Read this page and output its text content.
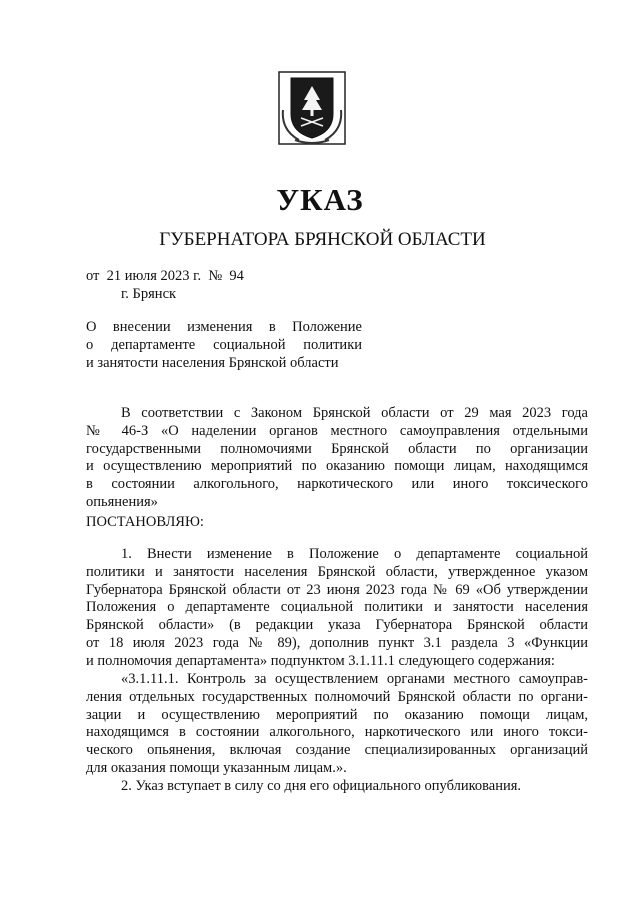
УКАЗ
ГУБЕРНАТОРА БРЯНСКОЙ ОБЛАСТИ
от  21 июля 2023 г.  №  94
г. Брянск
О внесении изменения в Положение
о департаменте социальной политики
и занятости населения Брянской области
В соответствии с Законом Брянской области от 29 мая 2023 года
№ 46-З «О наделении органов местного самоуправления отдельными
государственными полномочиями Брянской области по организации
и осуществлению мероприятий по оказанию помощи лицам, находящимся
в состоянии алкогольного, наркотического или иного токсического
опьянения»
ПОСТАНОВЛЯЮ:
1. Внести изменение в Положение о департаменте социальной
политики и занятости населения Брянской области, утвержденное указом
Губернатора Брянской области от 23 июня 2023 года № 69 «Об утверждении
Положения о департаменте социальной политики и занятости населения
Брянской области» (в редакции указа Губернатора Брянской области
от 18 июля 2023 года № 89), дополнив пункт 3.1 раздела 3 «Функции
и полномочия департамента» подпунктом 3.1.11.1 следующего содержания:
«3.1.11.1. Контроль за осуществлением органами местного самоуправ-
ления отдельных государственных полномочий Брянской области по органи-
зации и осуществлению мероприятий по оказанию помощи лицам,
находящимся в состоянии алкогольного, наркотического или иного токси-
ческого опьянения, включая создание специализированных организаций
для оказания помощи указанным лицам.».
2. Указ вступает в силу со дня его официального опубликования.
